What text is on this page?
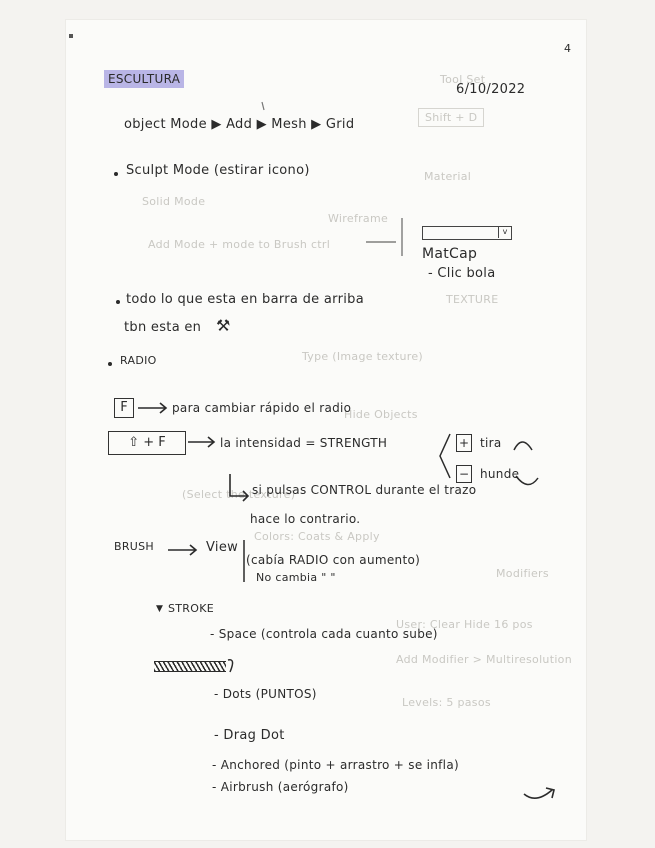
Tool Set
Shift + D
Material
Solid Mode
Wireframe
Add Mode + mode to Brush ctrl
TEXTURE
Type (Image texture)
Hide Objects
(Select the texture)
Colors: Coats & Apply
Modifiers
User: Clear Hide 16 pos
Add Modifier > Multiresolution
Levels: 5 pasos
4
ESCULTURA
6/10/2022
object Mode ▶ Add ▶ Mesh ▶ Grid
Sculpt Mode (estirar icono)
v
MatCap
- Clic bola
todo lo que esta en barra de arriba
tbn esta en ⚒
RADIO
F	para cambiar rápido el radio
⇧ + F	la intensidad = STRENGTH	+ tira
− hunde
si pulsas CONTROL durante el trazo
hace lo contrario.
BRUSH	View
(cabía RADIO con aumento)
No cambia " "
▼ STROKE
- Space (controla cada cuanto sube)
- Dots (PUNTOS)
- Drag Dot
- Anchored (pinto + arrastro + se infla)
- Airbrush (aerógrafo)
